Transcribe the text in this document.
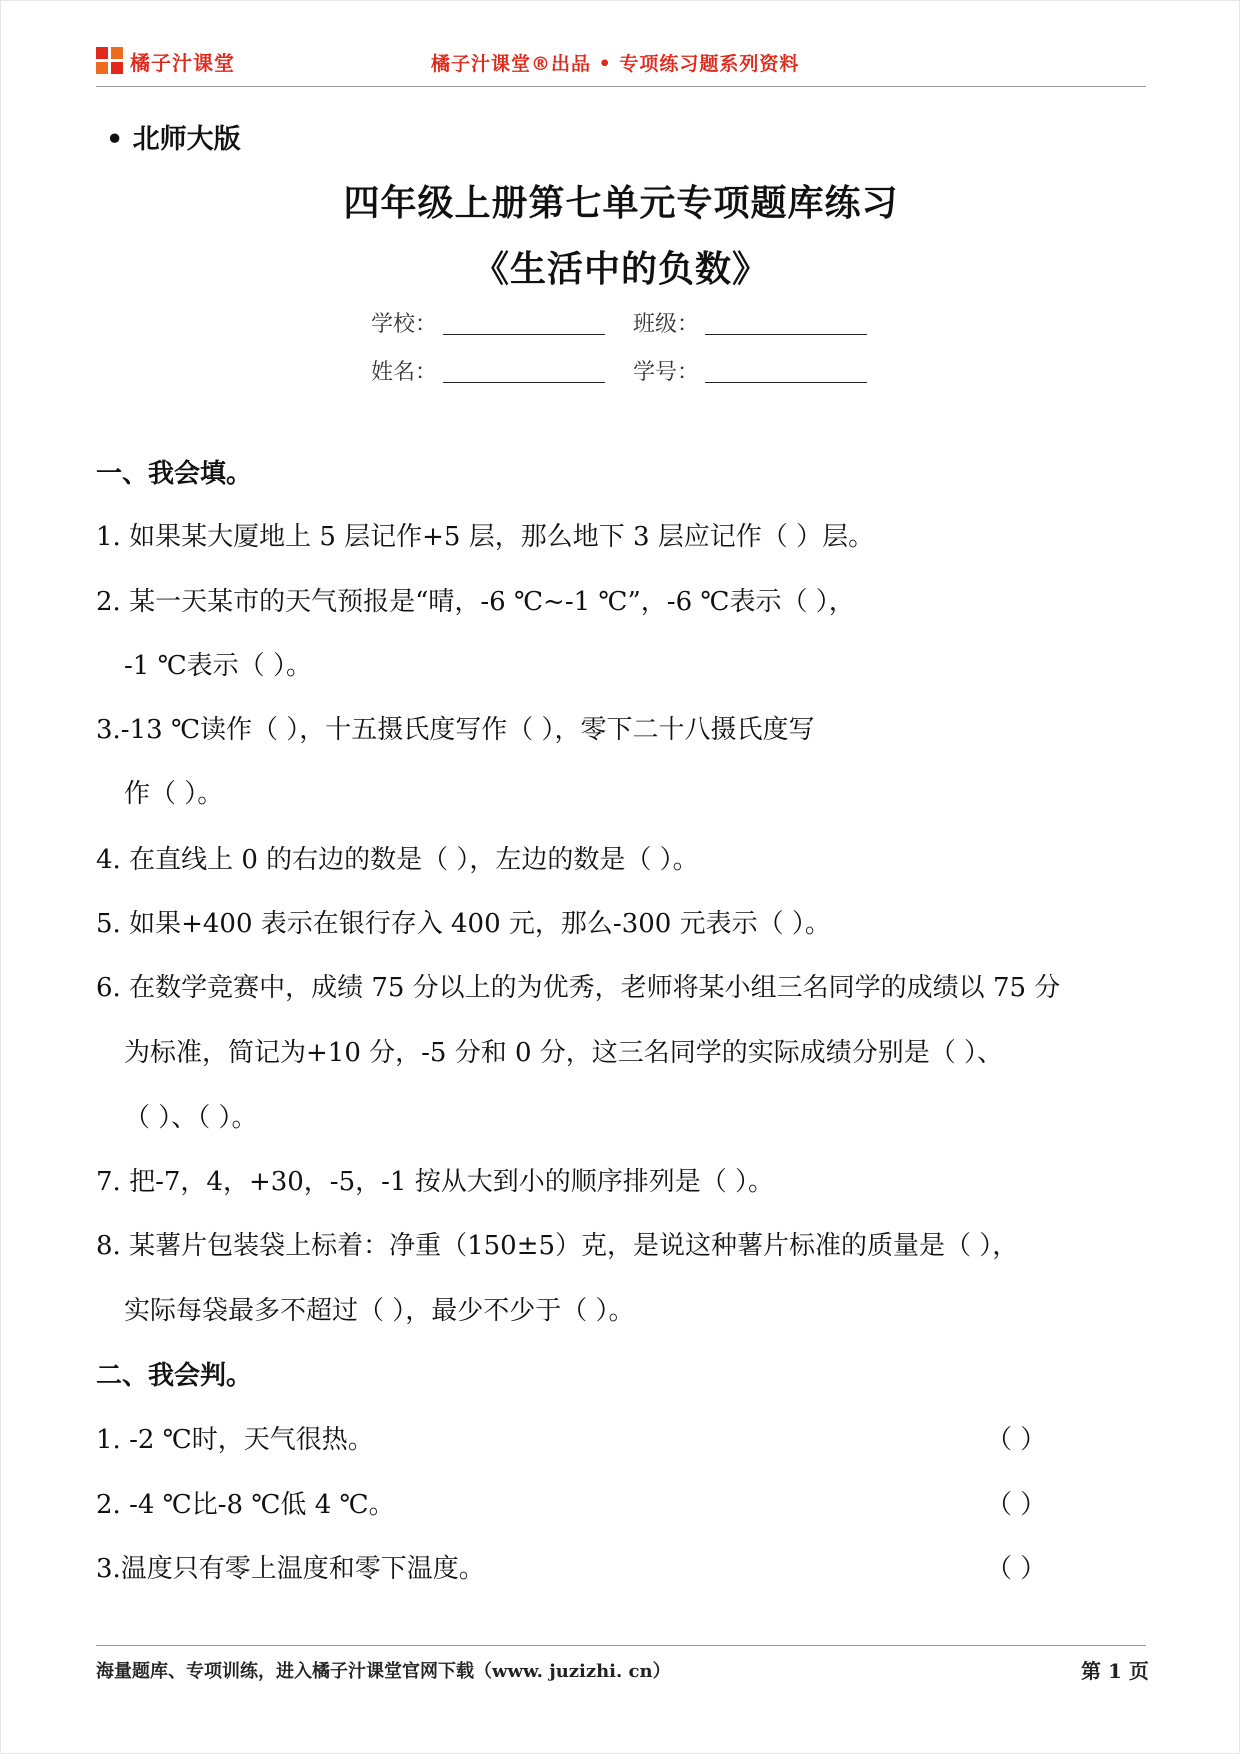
橘子汁课堂	橘子汁课堂®出品 • 专项练习题系列资料
• 北师大版
四年级上册第七单元专项题库练习
《生活中的负数》
学校：	班级：
姓名：	学号：
一、我会填。
1. 如果某大厦地上 5 层记作+5 层，那么地下 3 层应记作（ ）层。
2. 某一天某市的天气预报是“晴，-6 ℃~-1 ℃”，-6 ℃表示（ ），
-1 ℃表示（ ）。
3.-13 ℃读作（ ），十五摄氏度写作（ ），零下二十八摄氏度写
作（ ）。
4. 在直线上 0 的右边的数是（ ），左边的数是（ ）。
5. 如果+400 表示在银行存入 400 元，那么-300 元表示（ ）。
6. 在数学竞赛中，成绩 75 分以上的为优秀，老师将某小组三名同学的成绩以 75 分
为标准，简记为+10 分，-5 分和 0 分，这三名同学的实际成绩分别是（ ）、
（ ）、（ ）。
7. 把-7，4，+30，-5，-1 按从大到小的顺序排列是（ ）。
8. 某薯片包装袋上标着：净重（150±5）克，是说这种薯片标准的质量是（ ），
实际每袋最多不超过（ ），最少不少于（ ）。
二、我会判。
1. -2 ℃时，天气很热。	（ ）
2. -4 ℃比-8 ℃低 4 ℃。	（ ）
3.温度只有零上温度和零下温度。	（ ）
海量题库、专项训练，进入橘子汁课堂官网下载（www. juzizhi. cn）	第 1 页
